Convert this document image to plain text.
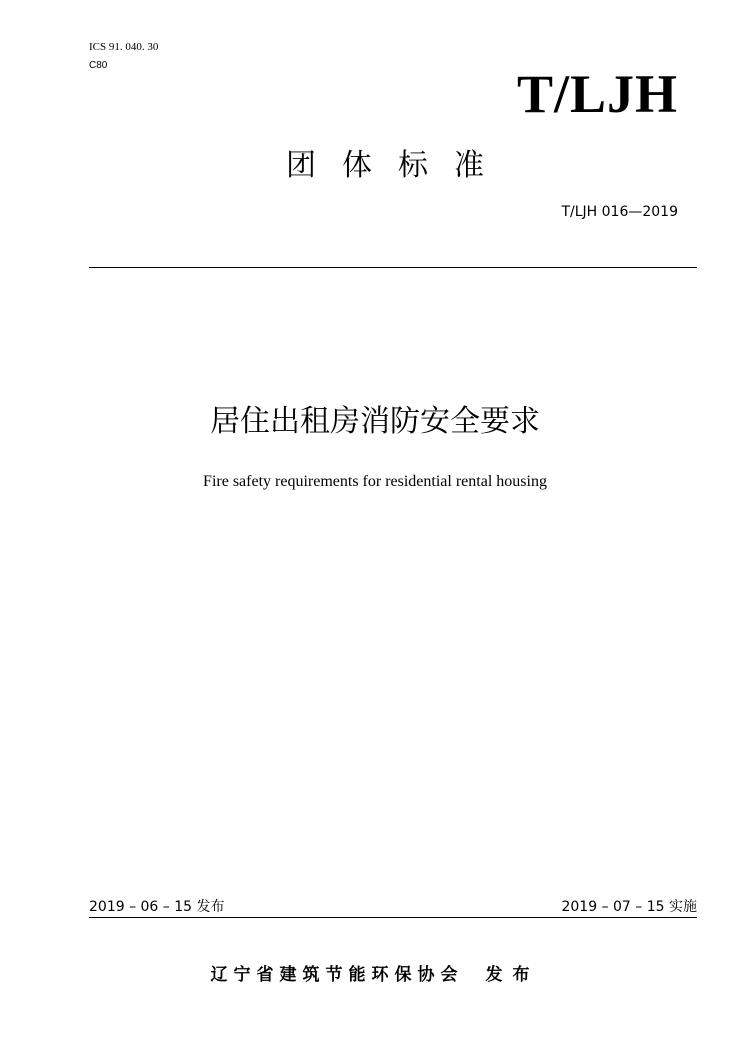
ICS 91. 040. 30

C80	T/LJH

团体标准

T/LJH 016—2019

居住出租房消防安全要求

Fire safety requirements for residential rental housing

2019 – 06 – 15 发布	2019 – 07 – 15 实施

辽宁省建筑节能环保协会 发布
